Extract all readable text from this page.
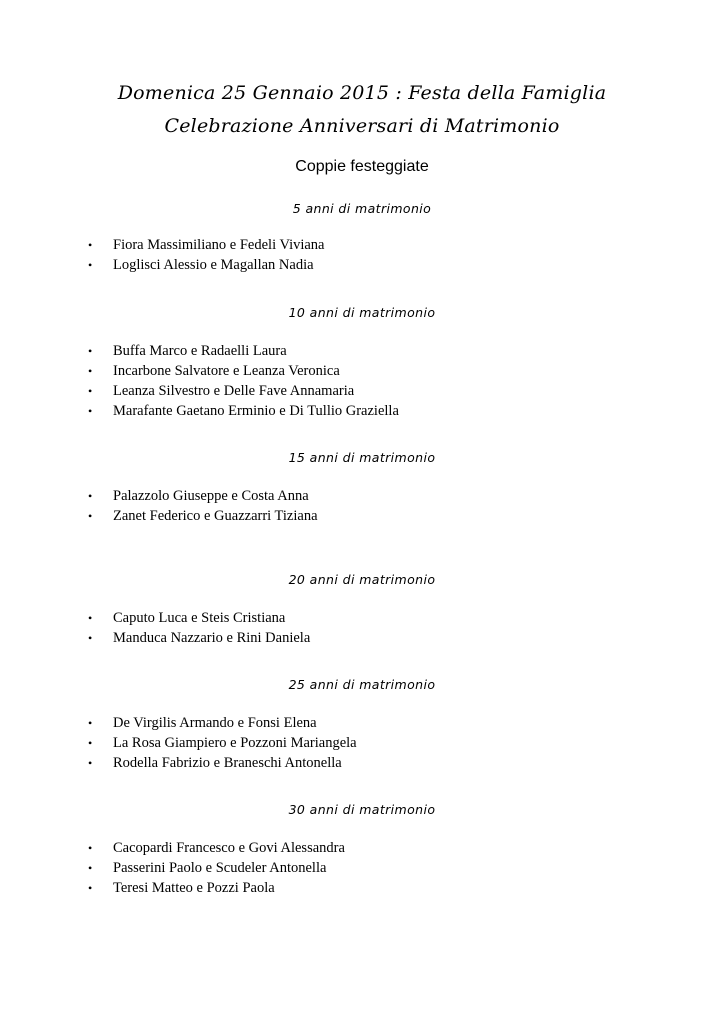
Domenica 25 Gennaio 2015 : Festa della Famiglia
Celebrazione Anniversari di Matrimonio
Coppie festeggiate
5 anni di matrimonio
• Fiora Massimiliano e Fedeli Viviana
• Loglisci Alessio e Magallan Nadia
10 anni di matrimonio
• Buffa Marco e Radaelli Laura
• Incarbone Salvatore e Leanza Veronica
• Leanza Silvestro e Delle Fave Annamaria
• Marafante Gaetano Erminio e Di Tullio Graziella
15 anni di matrimonio
• Palazzolo Giuseppe e Costa Anna
• Zanet Federico e Guazzarri Tiziana
20 anni di matrimonio
• Caputo Luca e Steis Cristiana
• Manduca Nazzario e Rini Daniela
25 anni di matrimonio
• De Virgilis Armando e Fonsi Elena
• La Rosa Giampiero e Pozzoni Mariangela
• Rodella Fabrizio e Braneschi Antonella
30 anni di matrimonio
• Cacopardi Francesco e Govi Alessandra
• Passerini Paolo e Scudeler Antonella
• Teresi Matteo e Pozzi Paola
